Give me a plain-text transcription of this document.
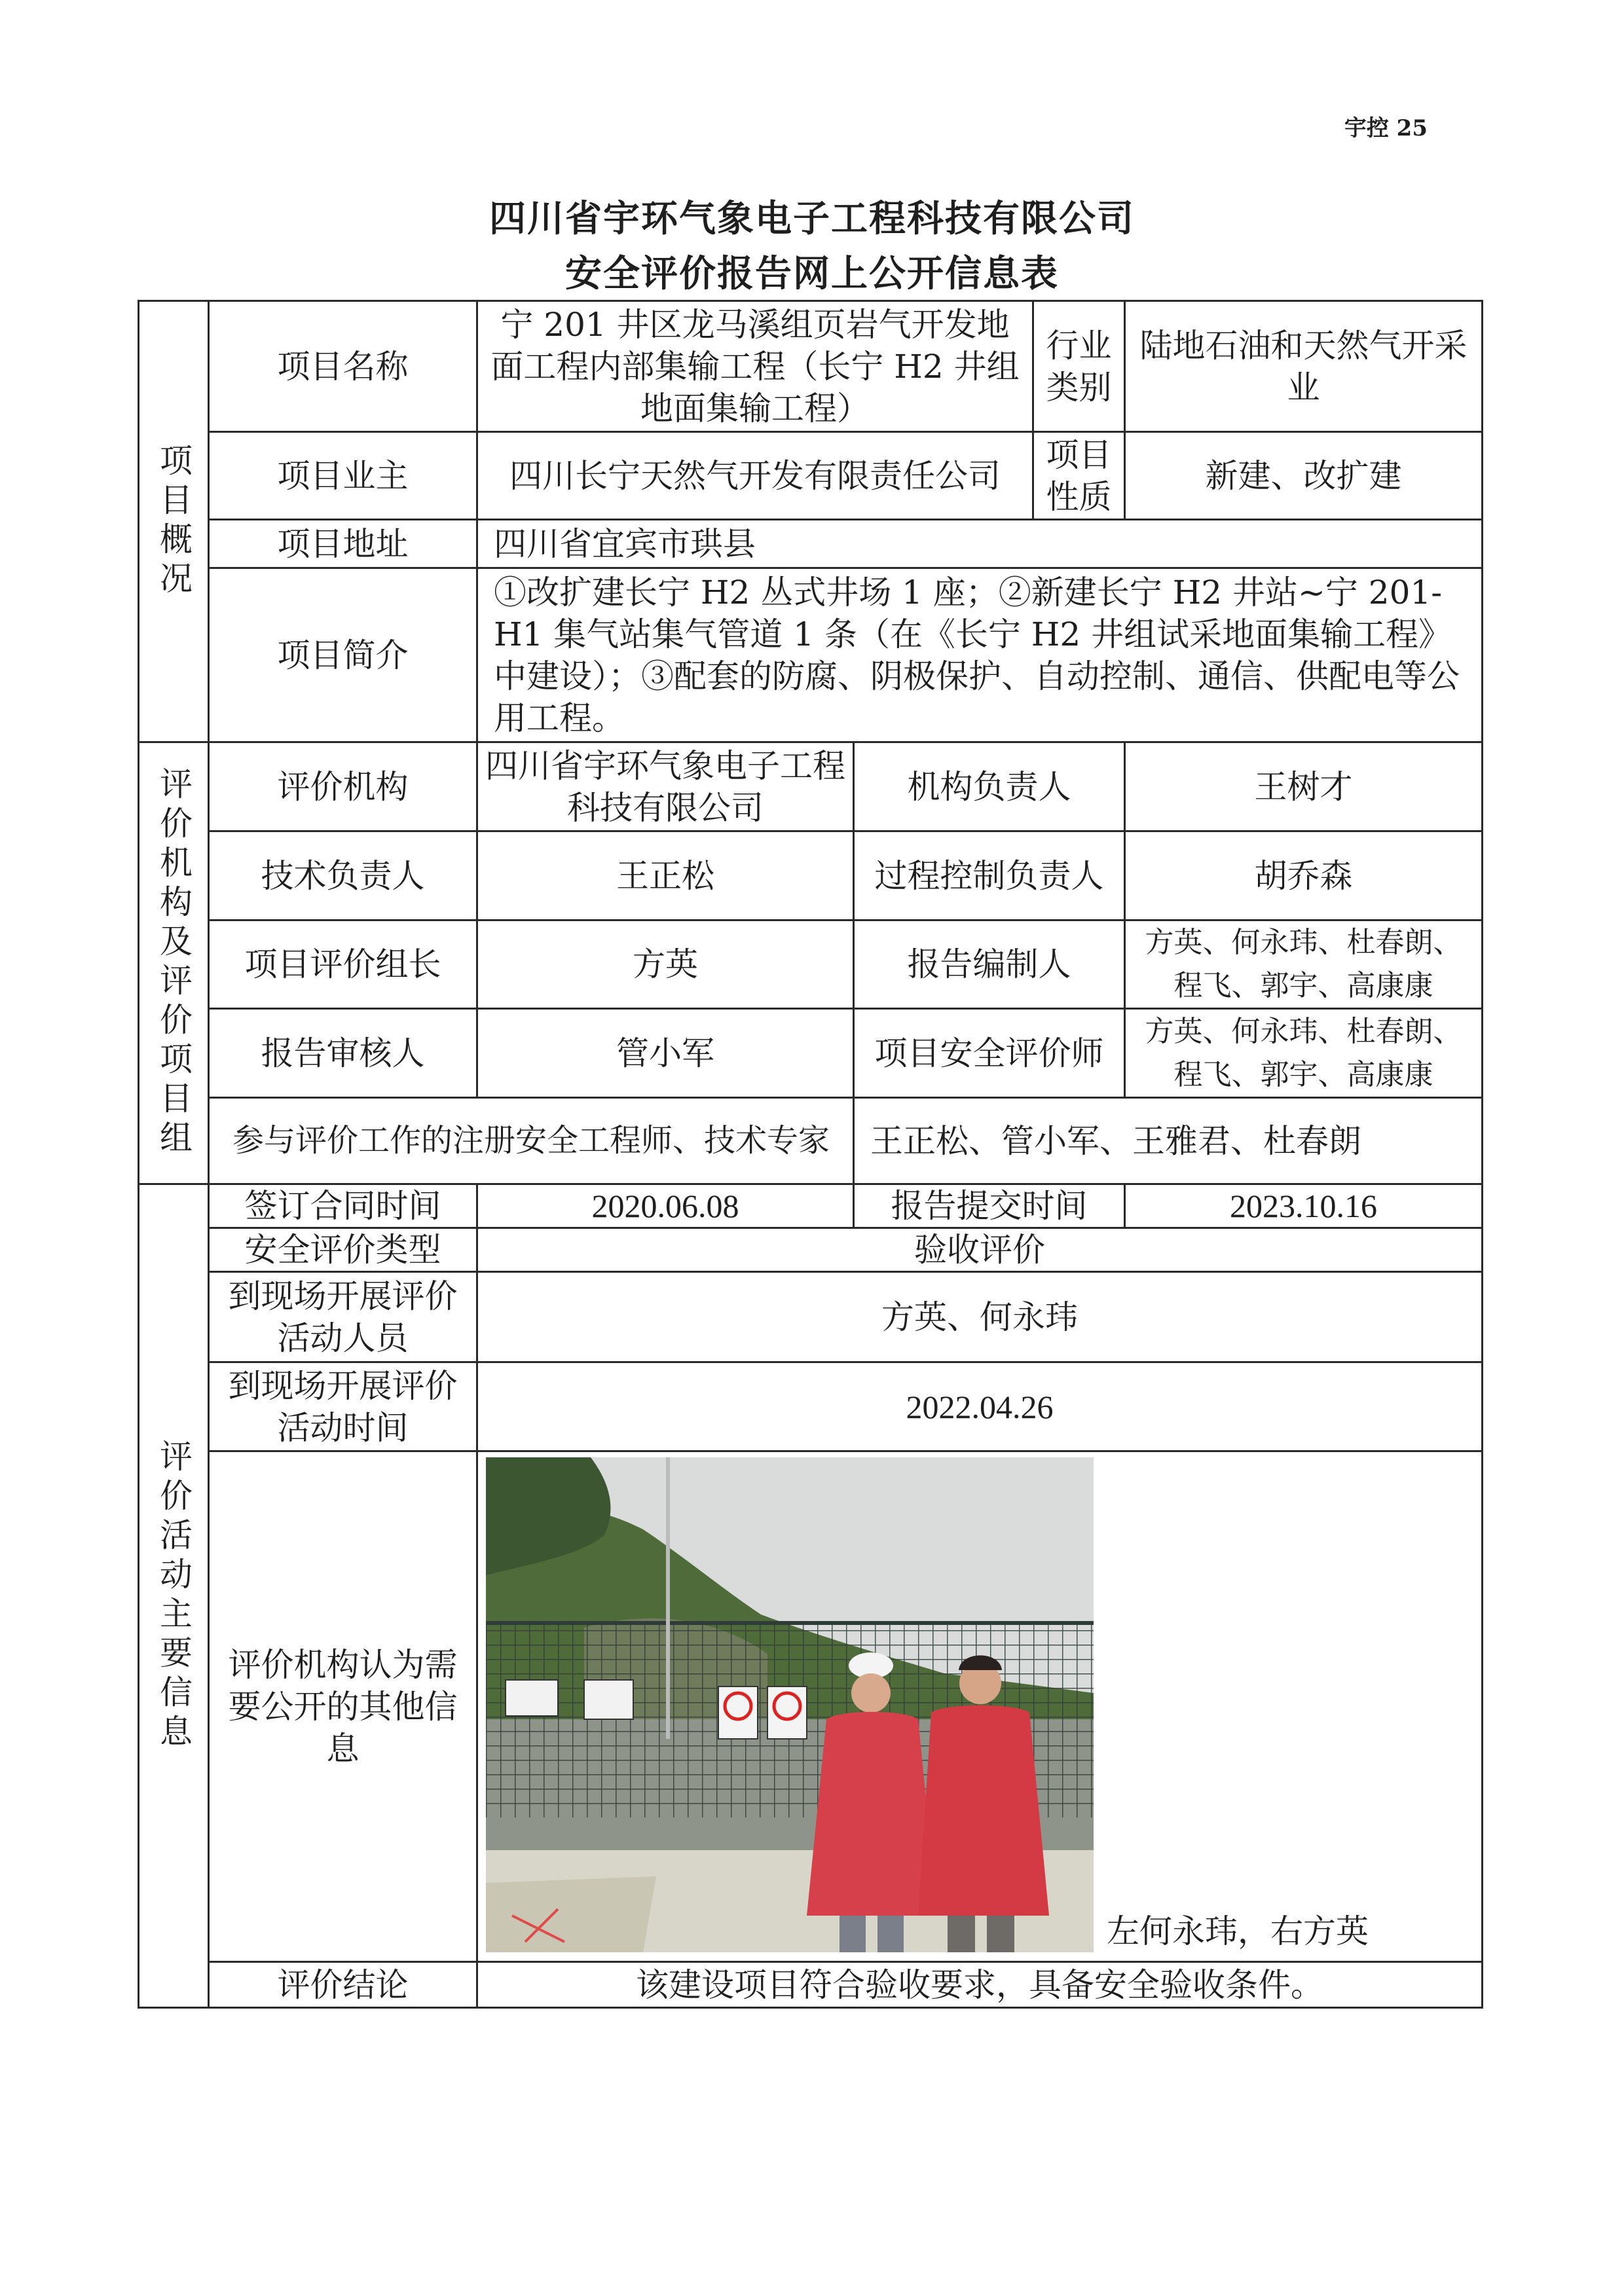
宇控 25
四川省宇环气象电子工程科技有限公司
安全评价报告网上公开信息表
项目概况	项目名称	宁 201 井区龙马溪组页岩气开发地面工程内部集输工程（长宁 H2 井组地面集输工程）		行业类别	陆地石油和天然气开采业
	项目业主	四川长宁天然气开发有限责任公司		项目性质	新建、改扩建
	项目地址	四川省宜宾市珙县			
	项目简介	①改扩建长宁 H2 丛式井场 1 座；②新建长宁 H2 井站~宁 201-H1 集气站集气管道 1 条（在《长宁 H2 井组试采地面集输工程》中建设）；③配套的防腐、阴极保护、自动控制、通信、供配电等公用工程。			
评价机构及评价项目组	评价机构	四川省宇环气象电子工程科技有限公司	机构负责人		王树才
	技术负责人	王正松	过程控制负责人		胡乔森
	项目评价组长	方英	报告编制人		方英、何永玮、杜春朗、程飞、郭宇、高康康
	报告审核人	管小军	项目安全评价师		方英、何永玮、杜春朗、程飞、郭宇、高康康
	参与评价工作的注册安全工程师、技术专家		王正松、管小军、王雅君、杜春朗		
评价活动主要信息	签订合同时间	2020.06.08	报告提交时间		2023.10.16
	安全评价类型	验收评价			
	到现场开展评价活动人员	方英、何永玮			
	到现场开展评价活动时间	2022.04.26			
	评价机构认为需要公开的其他信息	左何永玮，右方英			

	评价结论	该建设项目符合验收要求，具备安全验收条件。			
